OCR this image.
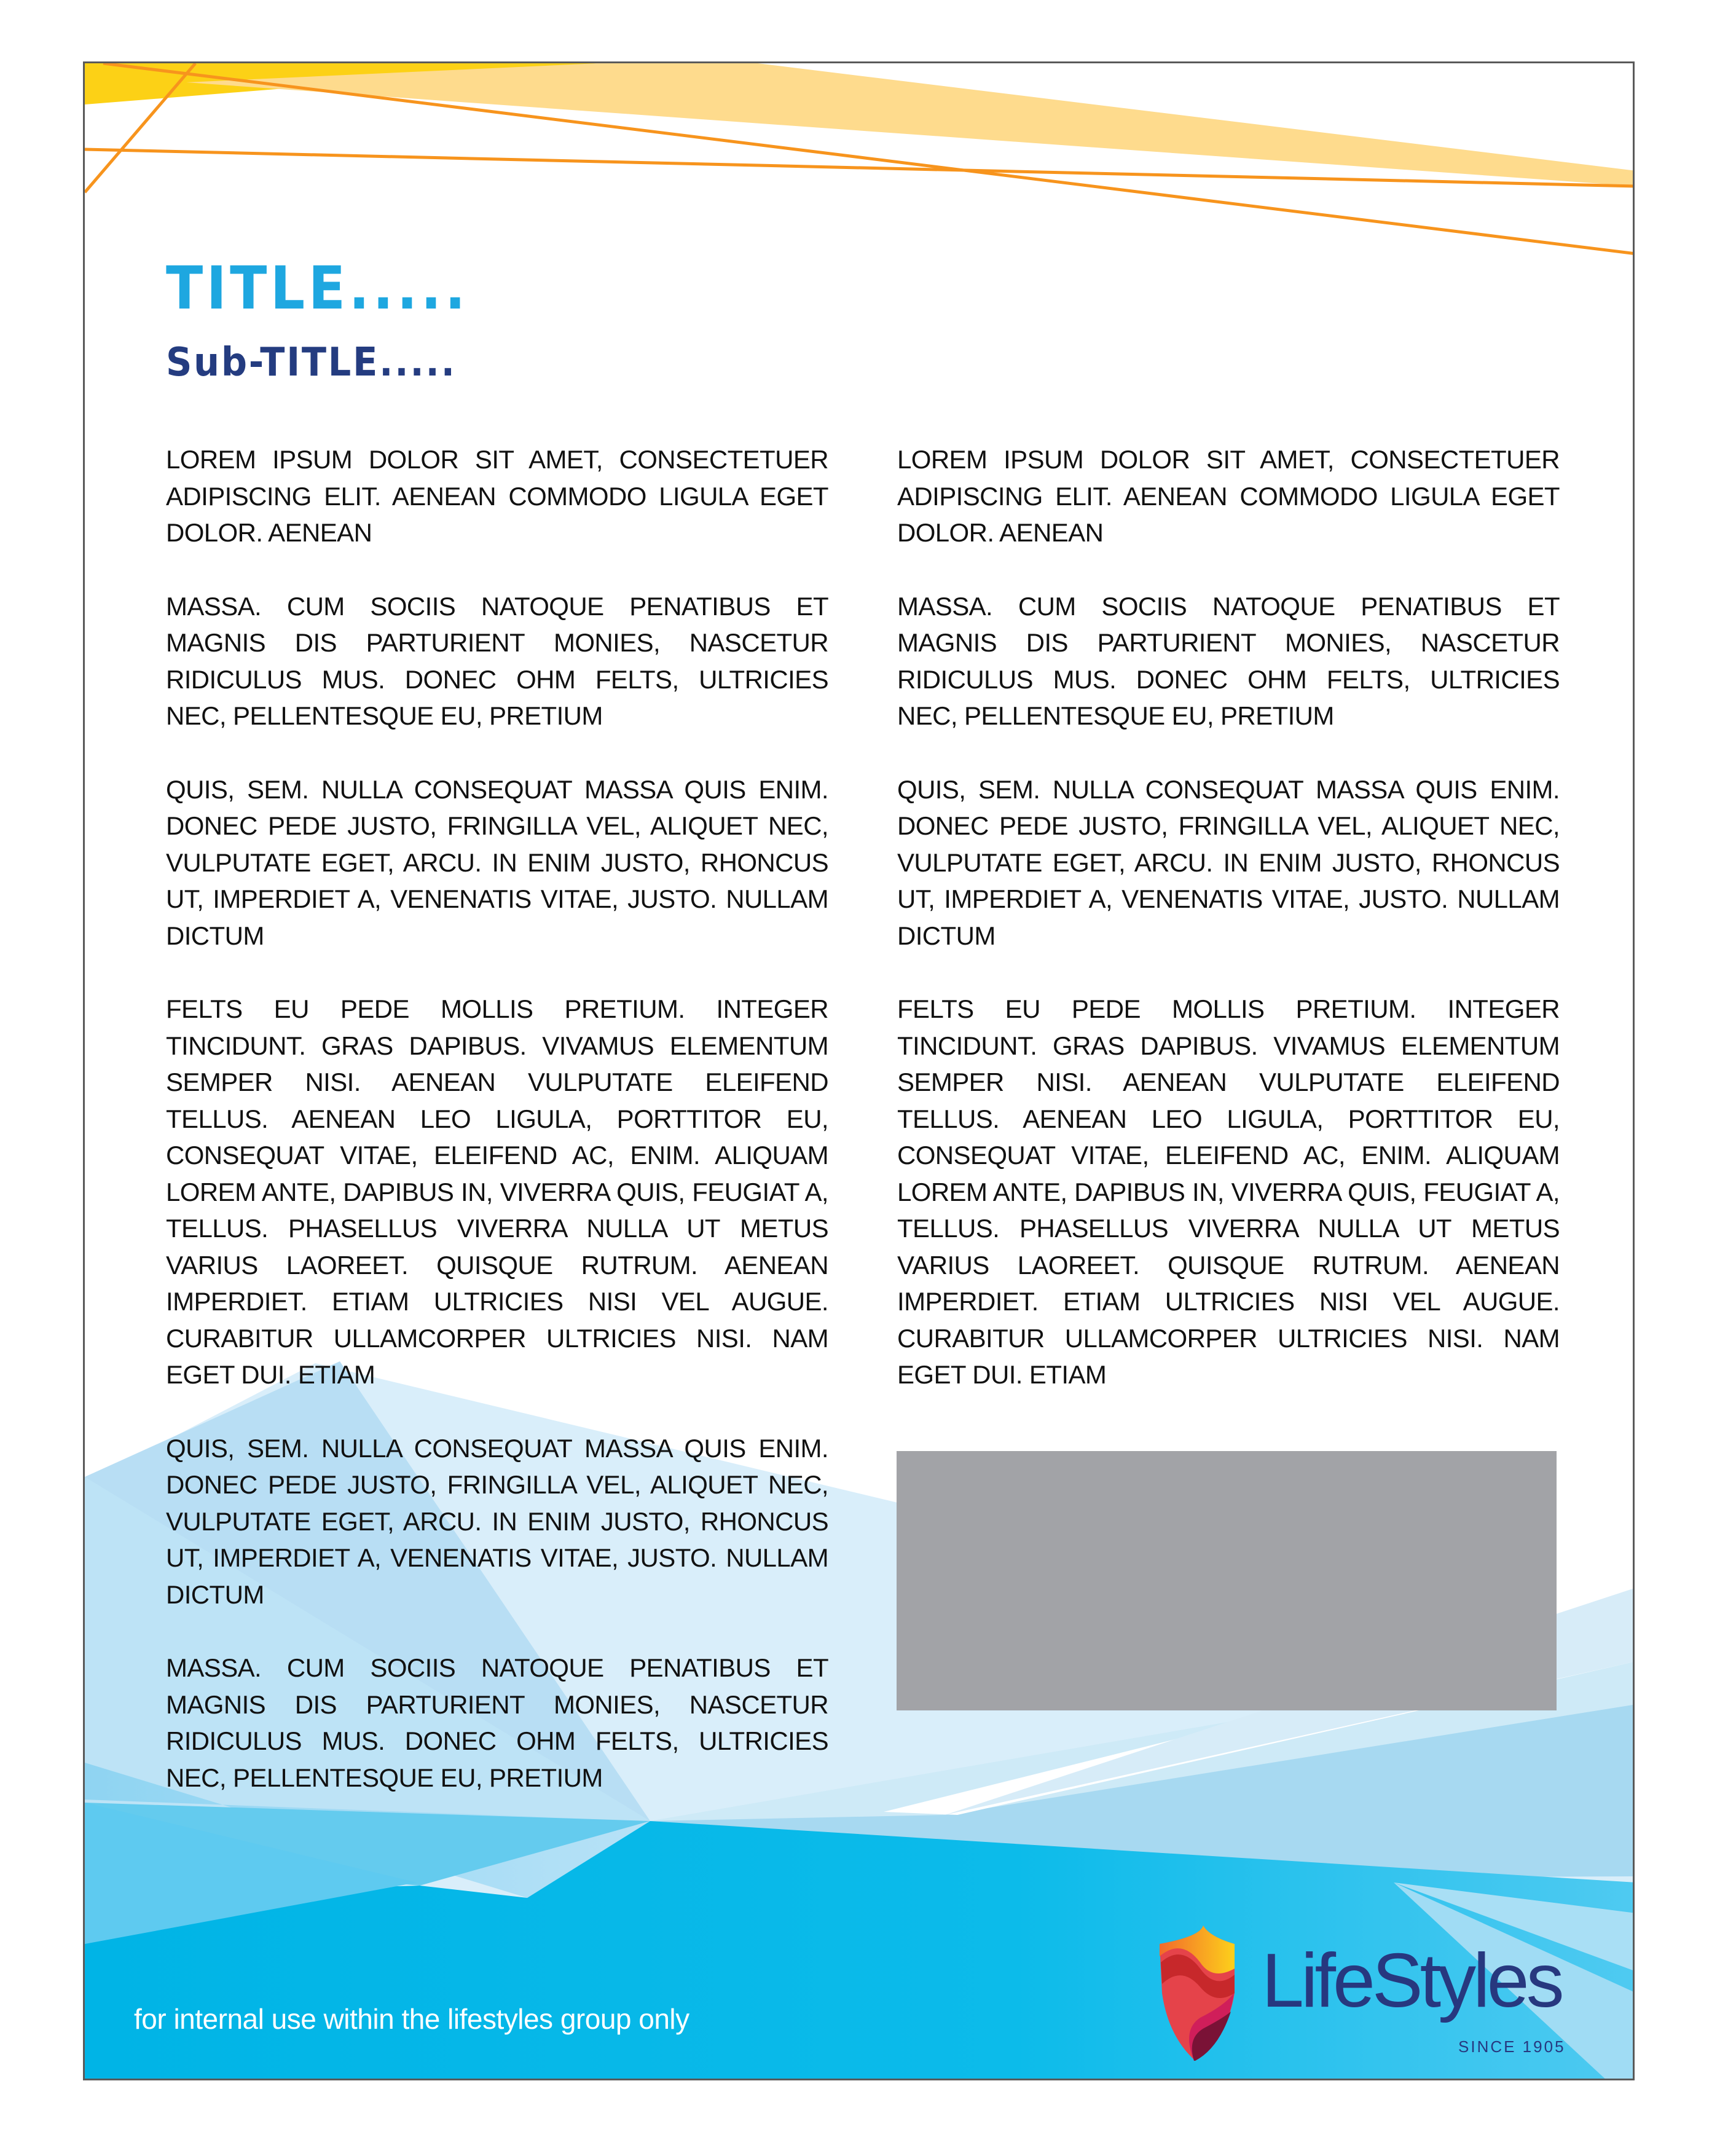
TITLE.....
Sub-TITLE.....

LOREM IPSUM DOLOR SIT AMET, CONSECTETUER ADIPISCING ELIT. AENEAN COMMODO LIGULA EGET DOLOR. AENEAN

MASSA. CUM SOCIIS NATOQUE PENATIBUS ET MAGNIS DIS PARTURIENT MONIES, NASCETUR RIDICULUS MUS. DONEC OHM FELTS, ULTRICIES NEC, PELLENTESQUE EU, PRETIUM

QUIS, SEM. NULLA CONSEQUAT MASSA QUIS ENIM. DONEC PEDE JUSTO, FRINGILLA VEL, ALIQUET NEC, VULPUTATE EGET, ARCU. IN ENIM JUSTO, RHONCUS UT, IMPERDIET A, VENENATIS VITAE, JUSTO. NULLAM DICTUM

FELTS EU PEDE MOLLIS PRETIUM. INTEGER TINCIDUNT. GRAS DAPIBUS. VIVAMUS ELEMENTUM SEMPER NISI. AENEAN VULPUTATE ELEIFEND TELLUS. AENEAN LEO LIGULA, PORTTITOR EU, CONSEQUAT VITAE, ELEIFEND AC, ENIM. ALIQUAM LOREM ANTE, DAPIBUS IN, VIVERRA QUIS, FEUGIAT A, TELLUS. PHASELLUS VIVERRA NULLA UT METUS VARIUS LAOREET. QUISQUE RUTRUM. AENEAN IMPERDIET. ETIAM ULTRICIES NISI VEL AUGUE. CURABITUR ULLAMCORPER ULTRICIES NISI. NAM EGET DUI. ETIAM

QUIS, SEM. NULLA CONSEQUAT MASSA QUIS ENIM. DONEC PEDE JUSTO, FRINGILLA VEL, ALIQUET NEC, VULPUTATE EGET, ARCU. IN ENIM JUSTO, RHONCUS UT, IMPERDIET A, VENENATIS VITAE, JUSTO. NULLAM DICTUM

MASSA. CUM SOCIIS NATOQUE PENATIBUS ET MAGNIS DIS PARTURIENT MONIES, NASCETUR RIDICULUS MUS. DONEC OHM FELTS, ULTRICIES NEC, PELLENTESQUE EU, PRETIUM

LOREM IPSUM DOLOR SIT AMET, CONSECTETUER ADIPISCING ELIT. AENEAN COMMODO LIGULA EGET DOLOR. AENEAN

MASSA. CUM SOCIIS NATOQUE PENATIBUS ET MAGNIS DIS PARTURIENT MONIES, NASCETUR RIDICULUS MUS. DONEC OHM FELTS, ULTRICIES NEC, PELLENTESQUE EU, PRETIUM

QUIS, SEM. NULLA CONSEQUAT MASSA QUIS ENIM. DONEC PEDE JUSTO, FRINGILLA VEL, ALIQUET NEC, VULPUTATE EGET, ARCU. IN ENIM JUSTO, RHONCUS UT, IMPERDIET A, VENENATIS VITAE, JUSTO. NULLAM DICTUM

FELTS EU PEDE MOLLIS PRETIUM. INTEGER TINCIDUNT. GRAS DAPIBUS. VIVAMUS ELEMENTUM SEMPER NISI. AENEAN VULPUTATE ELEIFEND TELLUS. AENEAN LEO LIGULA, PORTTITOR EU, CONSEQUAT VITAE, ELEIFEND AC, ENIM. ALIQUAM LOREM ANTE, DAPIBUS IN, VIVERRA QUIS, FEUGIAT A, TELLUS. PHASELLUS VIVERRA NULLA UT METUS VARIUS LAOREET. QUISQUE RUTRUM. AENEAN IMPERDIET. ETIAM ULTRICIES NISI VEL AUGUE. CURABITUR ULLAMCORPER ULTRICIES NISI. NAM EGET DUI. ETIAM

for internal use within the lifestyles group only	LifeStyles
SINCE 1905
